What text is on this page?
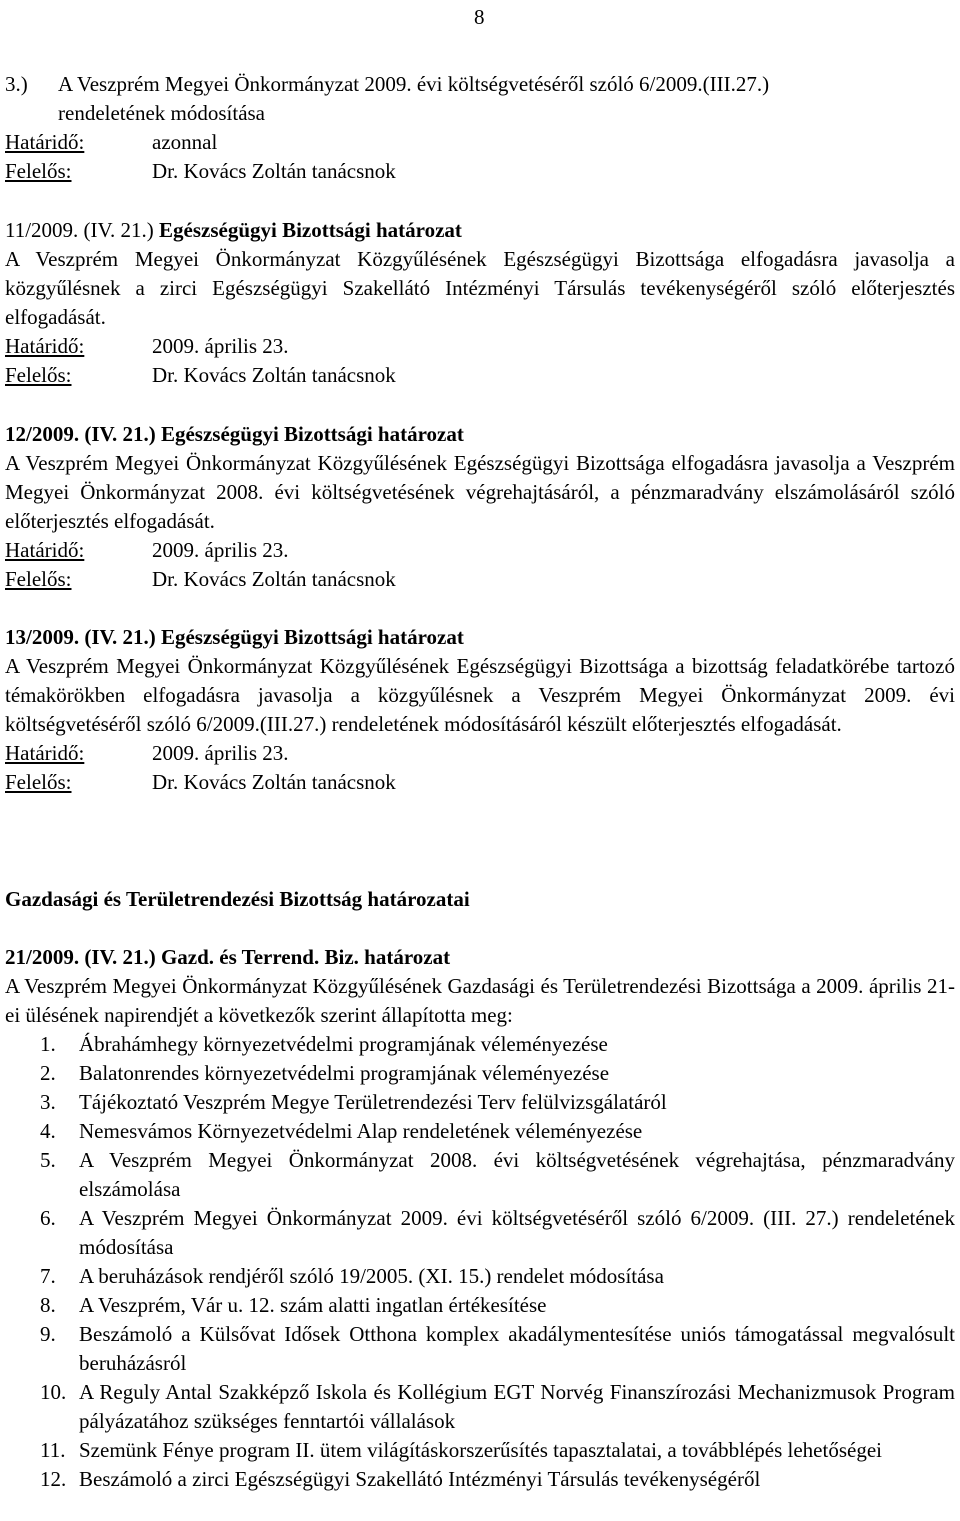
8
3.) A Veszprém Megyei Önkormányzat 2009. évi költségvetéséről szóló 6/2009.(III.27.)
rendeletének módosítása
Határidő:	azonnal
Felelős:	Dr. Kovács Zoltán tanácsnok
11/2009. (IV. 21.) Egészségügyi Bizottsági határozat
A Veszprém Megyei Önkormányzat Közgyűlésének Egészségügyi Bizottsága elfogadásra javasolja a közgyűlésnek a zirci Egészségügyi Szakellátó Intézményi Társulás tevékenységéről szóló előterjesztés elfogadását.
Határidő:	2009. április 23.
Felelős:	Dr. Kovács Zoltán tanácsnok
12/2009. (IV. 21.) Egészségügyi Bizottsági határozat
A Veszprém Megyei Önkormányzat Közgyűlésének Egészségügyi Bizottsága elfogadásra javasolja a Veszprém Megyei Önkormányzat 2008. évi költségvetésének végrehajtásáról, a pénzmaradvány elszámolásáról szóló előterjesztés elfogadását.
Határidő:	2009. április 23.
Felelős:	Dr. Kovács Zoltán tanácsnok
13/2009. (IV. 21.) Egészségügyi Bizottsági határozat
A Veszprém Megyei Önkormányzat Közgyűlésének Egészségügyi Bizottsága a bizottság feladatkörébe tartozó témakörökben elfogadásra javasolja a közgyűlésnek a Veszprém Megyei Önkormányzat 2009. évi költségvetéséről szóló 6/2009.(III.27.) rendeletének módosításáról készült előterjesztés elfogadását.
Határidő:	2009. április 23.
Felelős:	Dr. Kovács Zoltán tanácsnok
Gazdasági és Területrendezési Bizottság határozatai
21/2009. (IV. 21.) Gazd. és Terrend. Biz. határozat
A Veszprém Megyei Önkormányzat Közgyűlésének Gazdasági és Területrendezési Bizottsága a 2009. április 21-ei ülésének napirendjét a következők szerint állapította meg:
1. Ábrahámhegy környezetvédelmi programjának véleményezése
2. Balatonrendes környezetvédelmi programjának véleményezése
3. Tájékoztató Veszprém Megye Területrendezési Terv felülvizsgálatáról
4. Nemesvámos Környezetvédelmi Alap rendeletének véleményezése
5. A Veszprém Megyei Önkormányzat 2008. évi költségvetésének végrehajtása, pénzmaradvány elszámolása
6. A Veszprém Megyei Önkormányzat 2009. évi költségvetéséről szóló 6/2009. (III. 27.) rendeletének módosítása
7. A beruházások rendjéről szóló 19/2005. (XI. 15.) rendelet módosítása
8. A Veszprém, Vár u. 12. szám alatti ingatlan értékesítése
9. Beszámoló a Külsővat Idősek Otthona komplex akadálymentesítése uniós támogatással megvalósult beruházásról
10. A Reguly Antal Szakképző Iskola és Kollégium EGT Norvég Finanszírozási Mechanizmusok Program pályázatához szükséges fenntartói vállalások
11. Szemünk Fénye program II. ütem világításkorszerűsítés tapasztalatai, a továbblépés lehetőségei
12. Beszámoló a zirci Egészségügyi Szakellátó Intézményi Társulás tevékenységéről
